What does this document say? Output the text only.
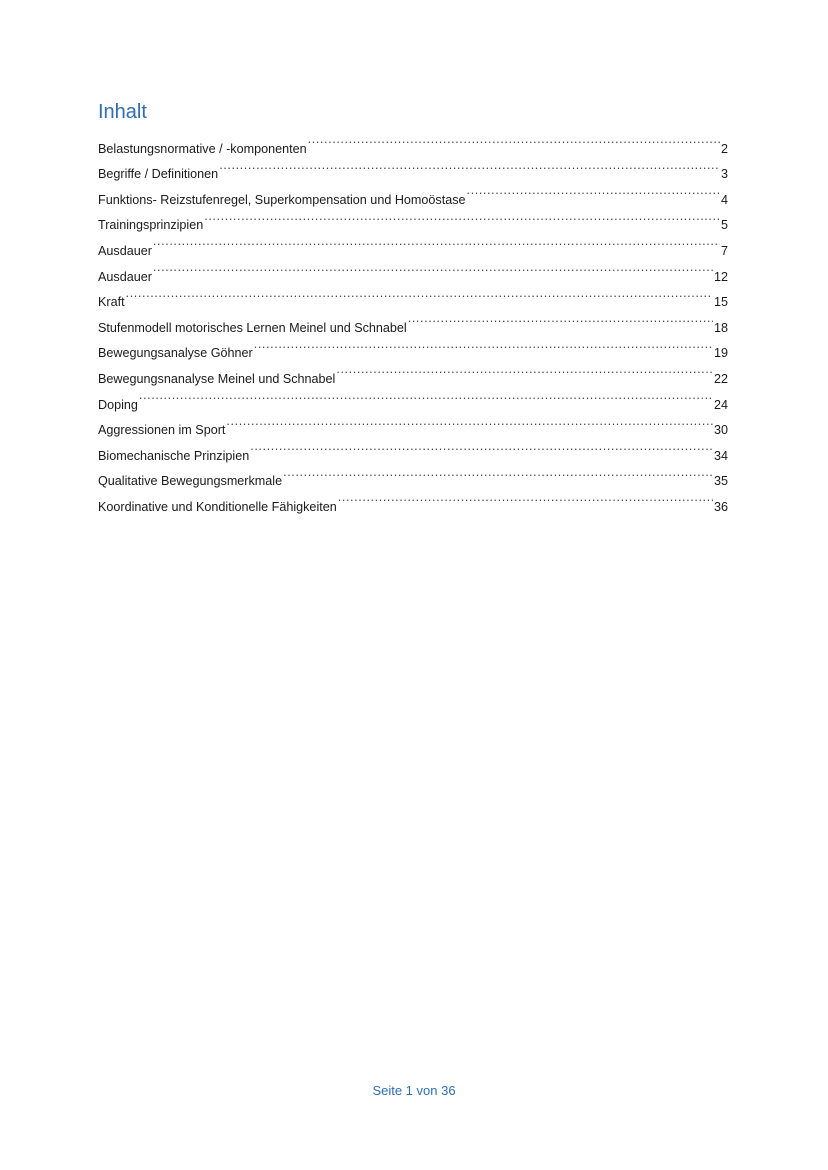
Inhalt
Belastungsnormative / -komponenten .....	2
Begriffe / Definitionen .....	3
Funktions- Reizstufenregel, Superkompensation und Homoöstase .....	4
Trainingsprinzipien .....	5
Ausdauer .....	7
Ausdauer .....	12
Kraft .....	15
Stufenmodell motorisches Lernen Meinel und Schnabel .....	18
Bewegungsanalyse Göhner .....	19
Bewegungsnanalyse Meinel und Schnabel .....	22
Doping .....	24
Aggressionen im Sport .....	30
Biomechanische Prinzipien .....	34
Qualitative Bewegungsmerkmale .....	35
Koordinative und Konditionelle Fähigkeiten .....	36
Seite 1 von 36
